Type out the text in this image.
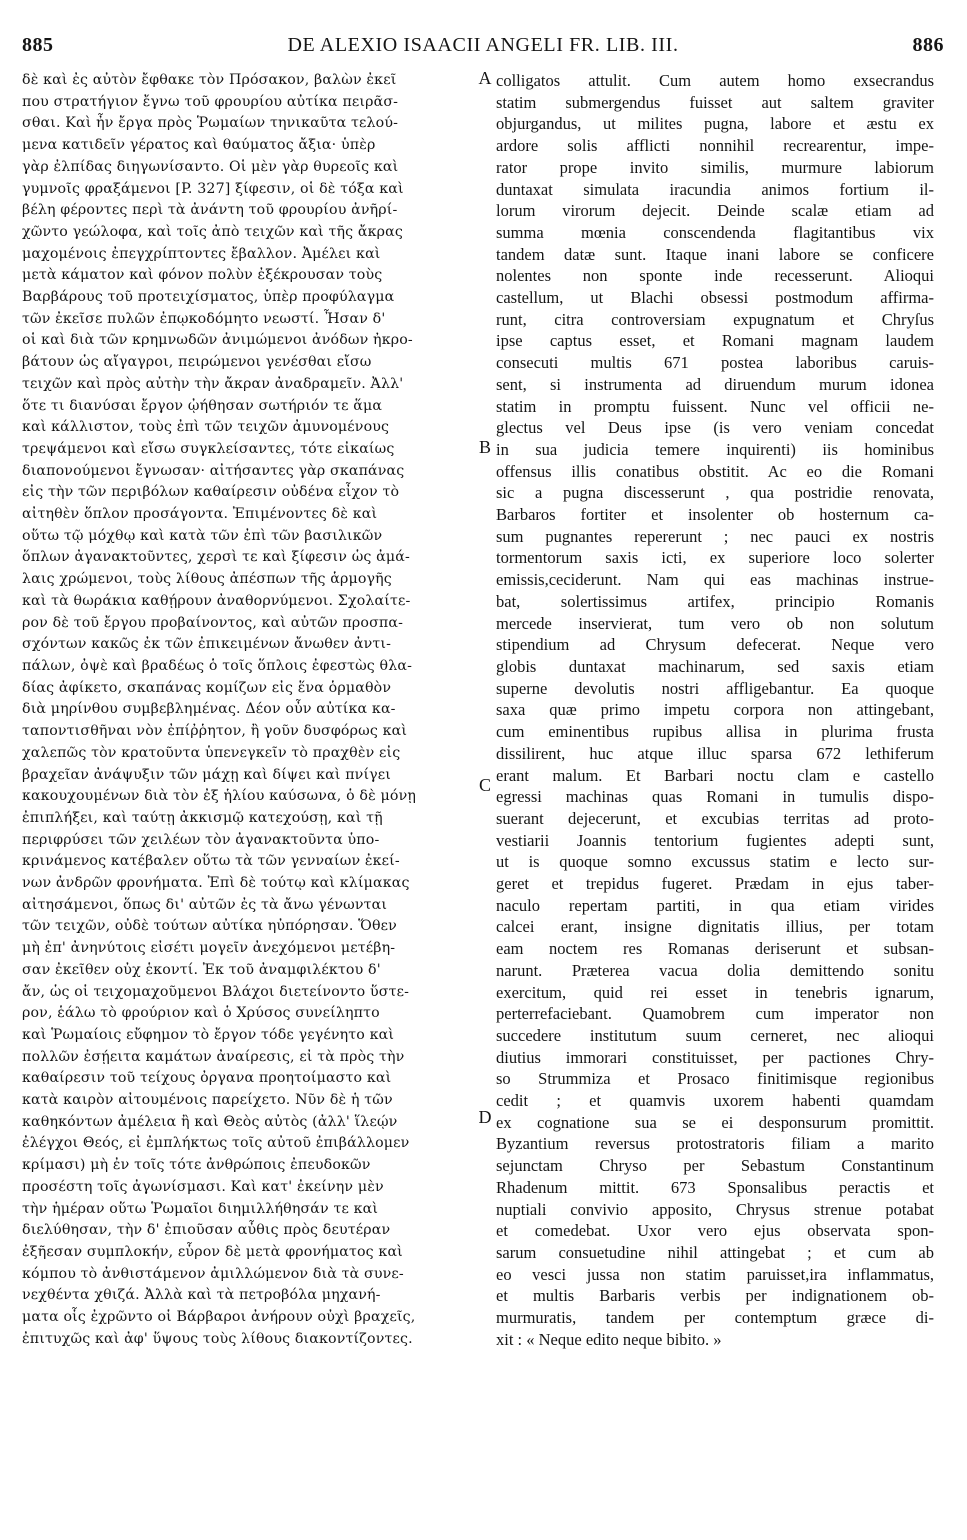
885	DE ALEXIO ISAACII ANGELI FR. LIB. III.	886
δὲ καὶ ἐς αὐτὸν ἔφθακε τὸν Πρόσακον, βαλὼν ἐκεῖ
που στρατήγιον ἔγνω τοῦ φρουρίου αὐτίκα πειρᾶσ-
σθαι. Καὶ ἦν ἔργα πρὸς Ῥωμαίων τηνικαῦτα τελού-
μενα κατιδεῖν γέρατος καὶ θαύματος ἄξια· ὑπὲρ
γὰρ ἐλπίδας διηγωνίσαντο. Οἱ μὲν γὰρ θυρεοῖς καὶ
γυμνοῖς φραξάμενοι [P. 327] ξίφεσιν, οἱ δὲ τόξα καὶ
βέλη φέροντες περὶ τὰ ἀνάντη τοῦ φρουρίου ἀνῆρί-
χῶντο γεώλοφα, καὶ τοῖς ἀπὸ τειχῶν καὶ τῆς ἄκρας
μαχομένοις ἐπεγχρίπτοντες ἔβαλλον. Ἀμέλει καὶ
μετὰ κάματον καὶ φόνον πολὺν ἐξέκρουσαν τοὺς
Βαρβάρους τοῦ προτειχίσματος, ὑπὲρ προφύλαγμα
τῶν ἐκεῖσε πυλῶν ἐπῳκοδόμητο νεωστί. Ἦσαν δ'
οἱ καὶ διὰ τῶν κρημνωδῶν ἀνιμώμενοι ἀνόδων ἠκρο-
βάτουν ὡς αἴγαγροι, πειρώμενοι γενέσθαι εἴσω
τειχῶν καὶ πρὸς αὐτὴν τὴν ἄκραν ἀναδραμεῖν. Ἀλλ'
ὅτε τι διανύσαι ἔργον ᾠήθησαν σωτήριόν τε ἅμα
καὶ κάλλιστον, τοὺς ἐπὶ τῶν τειχῶν ἀμυνομένους
τρεψάμενοι καὶ εἴσω συγκλείσαντες, τότε εἰκαίως
διαπονούμενοι ἔγνωσαν· αἰτήσαντες γὰρ σκαπάνας
εἰς τὴν τῶν περιβόλων καθαίρεσιν οὐδένα εἶχον τὸ
αἰτηθὲν ὅπλον προσάγοντα. Ἐπιμένοντες δὲ καὶ
οὕτω τῷ μόχθῳ καὶ κατὰ τῶν ἐπὶ τῶν βασιλικῶν
ὅπλων ἀγανακτοῦντες, χερσὶ τε καὶ ξίφεσιν ὡς ἀμά-
λαις χρώμενοι, τοὺς λίθους ἀπέσπων τῆς ἁρμογῆς
καὶ τὰ θωράκια καθῄρουν ἀναθορνύμενοι. Σχολαίτε-
ρον δὲ τοῦ ἔργου προβαίνοντος, καὶ αὐτῶν προσπα-
σχόντων κακῶς ἐκ τῶν ἐπικειμένων ἄνωθεν ἀντι-
πάλων, ὀψὲ καὶ βραδέως ὁ τοῖς ὅπλοις ἐφεστὼς θλα-
δίας ἀφίκετο, σκαπάνας κομίζων εἰς ἕνα ὁρμαθὸν
διὰ μηρίνθου συμβεβλημένας. Δέον οὖν αὐτίκα κα-
ταποντισθῆναι νὸν ἐπίῤῥητον, ἢ γοῦν δυσφόρως καὶ
χαλεπῶς τὸν κρατοῦντα ὑπενεγκεῖν τὸ πραχθὲν εἰς
βραχεῖαν ἀνάψυξιν τῶν μάχῃ καὶ δίψει καὶ πνίγει
κακουχουμένων διὰ τὸν ἐξ ἡλίου καύσωνα, ὁ δὲ μόνῃ
ἐπιπλήξει, καὶ ταύτῃ ἀκκισμῷ κατεχούσῃ, καὶ τῇ
περιφρύσει τῶν χειλέων τὸν ἀγανακτοῦντα ὑπο-
κρινάμενος κατέβαλεν οὕτω τὰ τῶν γενναίων ἐκεί-
νων ἀνδρῶν φρονήματα. Ἐπὶ δὲ τούτῳ καὶ κλίμακας
αἰτησάμενοι, ὅπως δι' αὐτῶν ἐς τὰ ἄνω γένωνται
τῶν τειχῶν, οὐδὲ τούτων αὐτίκα ηὐπόρησαν. Ὅθεν
μὴ ἐπ' ἀνηνύτοις εἰσέτι μογεῖν ἀνεχόμενοι μετέβη-
σαν ἐκεῖθεν οὐχ ἑκοντί. Ἐκ τοῦ ἀναμφιλέκτου δ'
ἄν, ὡς οἱ τειχομαχοῦμενοι Βλάχοι διετείνοντο ὕστε-
ρον, ἑάλω τὸ φρούριον καὶ ὁ Χρύσος συνείληπτο
καὶ Ῥωμαίοις εὔφημον τὸ ἔργον τόδε γεγένητο καὶ
πολλῶν ἐσῄειτα καμάτων ἀναίρεσις, εἰ τὰ πρὸς τὴν
καθαίρεσιν τοῦ τείχους ὀργανα προητοίμαστο καὶ
κατὰ καιρὸν αἰτουμένοις παρείχετο. Νῦν δὲ ἡ τῶν
καθηκόντων ἀμέλεια ἢ καὶ Θεὸς αὐτὸς (ἀλλ' ἵλεῴν
ἐλέγχοι Θεός, εἰ ἐμπλήκτως τοῖς αὐτοῦ ἐπιβάλλομεν
κρίμασι) μὴ ἐν τοῖς τότε ἀνθρώποις ἐπευδοκῶν
προσέστη τοῖς ἀγωνίσμασι. Καὶ κατ' ἐκείνην μὲν
τὴν ἡμέραν οὕτω Ῥωμαῖοι διημιλλήθησάν τε καὶ
διελύθησαν, τὴν δ' ἐπιοῦσαν αὖθις πρὸς δευτέραν
ἐξῆεσαν συμπλοκήν, εὗρον δὲ μετὰ φρονήματος καὶ
κόμπου τὸ ἀνθιστάμενον ἀμιλλώμενον διὰ τὰ συνε-
νεχθέντα χθιζά. Ἀλλὰ καὶ τὰ πετροβόλα μηχανή-
ματα οἷς ἐχρῶντο οἱ Βάρβαροι ἀνήρουν οὐχὶ βραχεῖς,
ἐπιτυχῶς καὶ ἀφ' ὕψους τοὺς λίθους διακοντίζοντες.
colligatos attulit. Cum autem homo exsecrandus
statim submergendus fuisset aut saltem graviter
objurgandus, ut milites pugna, labore et æstu ex
ardore solis afflicti nonnihil recrearentur, impe-
rator prope invito similis, murmure labiorum
duntaxat simulata iracundia animos fortium il-
lorum virorum dejecit. Deinde scalæ etiam ad
summa mœnia conscendenda flagitantibus vix
tandem datæ sunt. Itaque inani labore se conficere
nolentes non sponte inde recesserunt. Alioqui
castellum, ut Blachi obsessi postmodum affirma-
runt, citra controversiam expugnatum et Chryſus
ipse captus esset, et Romani magnam laudem
consecuti multis 671 postea laboribus caruis-
sent, si instrumenta ad diruendum murum idonea
statim in promptu fuissent. Nunc vel officii ne-
glectus vel Deus ipse (is vero veniam concedat
in sua judicia temere inquirenti) iis hominibus
offensus illis conatibus obstitit. Ac eo die Romani
sic a pugna discesserunt , qua postridie renovata,
Barbaros fortiter et insolenter ob hosternum ca-
sum pugnantes repererunt ; nec pauci ex nostris
tormentorum saxis icti, ex superiore loco solerter
emissis,ceciderunt. Nam qui eas machinas instrue-
bat, solertissimus artifex, principio Romanis
mercede inservierat, tum vero ob non solutum
stipendium ad Chrysum defecerat. Neque vero
globis duntaxat machinarum, sed saxis etiam
superne devolutis nostri affligebantur. Ea quoque
saxa quæ primo impetu corpora non attingebant,
cum eminentibus rupibus allisa in plurima frusta
dissilirent, huc atque illuc sparsa 672 lethiferum
erant malum. Et Barbari noctu clam e castello
egressi machinas quas Romani in tumulis dispo-
suerant dejecerunt, et excubias territas ad proto-
vestiarii Joannis tentorium fugientes adepti sunt,
ut is quoque somno excussus statim e lecto sur-
geret et trepidus fugeret. Prædam in ejus taber-
naculo repertam partiti, in qua etiam virides
calcei erant, insigne dignitatis illius, per totam
eam noctem res Romanas deriserunt et subsan-
narunt. Præterea vacua dolia demittendo sonitu
exercitum, quid rei esset in tenebris ignarum,
perterrefaciebant. Quamobrem cum imperator non
succedere institutum suum cerneret, nec alioqui
diutius immorari constituisset, per pactiones Chry-
so Strummiza et Prosaco finitimisque regionibus
cedit ; et quamvis uxorem habenti quamdam
ex cognatione sua se ei desponsurum promittit.
Byzantium reversus protostratoris filiam a marito
sejunctam Chryso per Sebastum Constantinum
Rhadenum mittit. 673 Sponsalibus peractis et
nuptiali convivio apposito, Chrysus strenue potabat
et comedebat. Uxor vero ejus observata spon-
sarum consuetudine nihil attingebat ; et cum ab
eo vesci jussa non statim paruisset,ira inflammatus,
et multis Barbaris verbis per indignationem ob-
murmuratis, tandem per contemptum græce di-
xit : « Neque edito neque bibito. »
A
B
C
D
